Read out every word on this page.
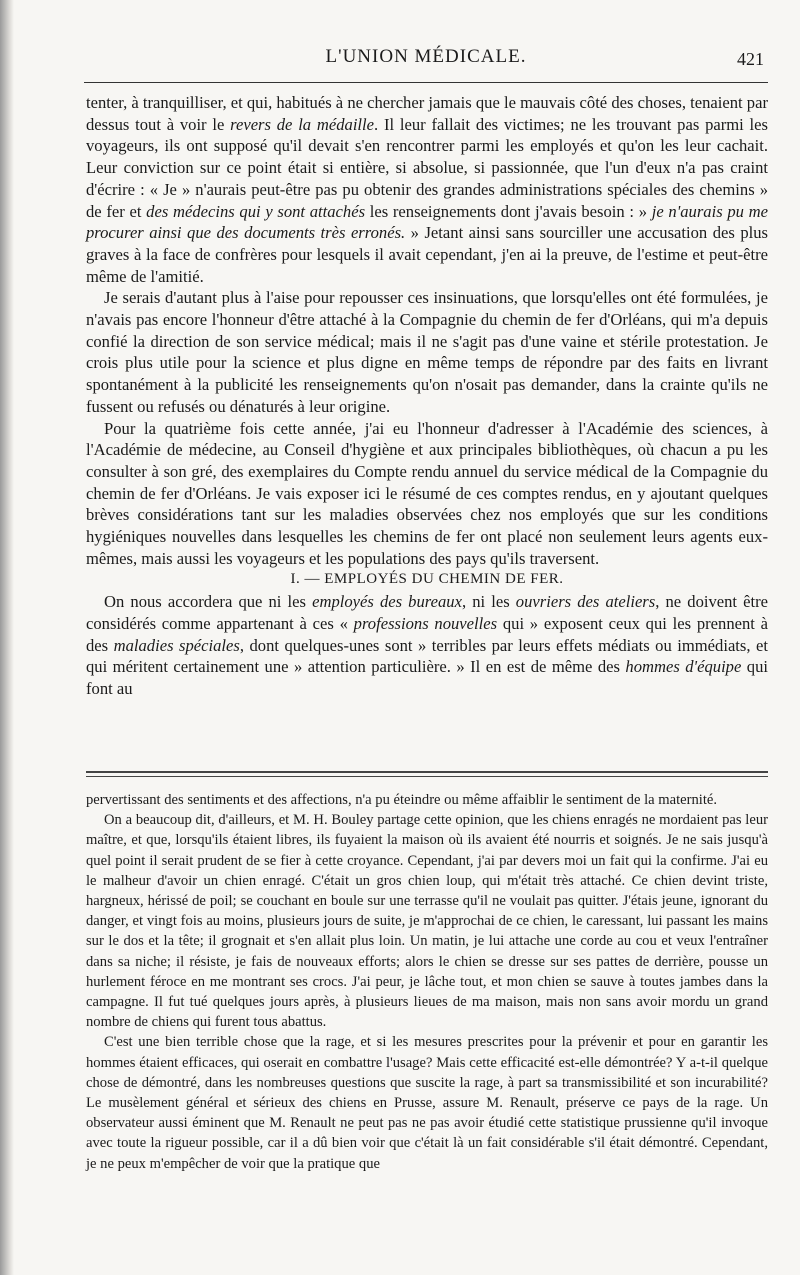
L'UNION MÉDICALE.	421

tenter, à tranquilliser, et qui, habitués à ne chercher jamais que le mauvais côté des choses, tenaient par dessus tout à voir le revers de la médaille. Il leur fallait des victimes; ne les trouvant pas parmi les voyageurs, ils ont supposé qu'il devait s'en rencontrer parmi les employés et qu'on les leur cachait. Leur conviction sur ce point était si entière, si absolue, si passionnée, que l'un d'eux n'a pas craint d'écrire : « Je » n'aurais peut-être pas pu obtenir des grandes administrations spéciales des chemins » de fer et des médecins qui y sont attachés les renseignements dont j'avais besoin : » je n'aurais pu me procurer ainsi que des documents très erronés. » Jetant ainsi sans sourciller une accusation des plus graves à la face de confrères pour lesquels il avait cependant, j'en ai la preuve, de l'estime et peut-être même de l'amitié.

Je serais d'autant plus à l'aise pour repousser ces insinuations, que lorsqu'elles ont été formulées, je n'avais pas encore l'honneur d'être attaché à la Compagnie du chemin de fer d'Orléans, qui m'a depuis confié la direction de son service médical; mais il ne s'agit pas d'une vaine et stérile protestation. Je crois plus utile pour la science et plus digne en même temps de répondre par des faits en livrant spontanément à la publicité les renseignements qu'on n'osait pas demander, dans la crainte qu'ils ne fussent ou refusés ou dénaturés à leur origine.

Pour la quatrième fois cette année, j'ai eu l'honneur d'adresser à l'Académie des sciences, à l'Académie de médecine, au Conseil d'hygiène et aux principales bibliothèques, où chacun a pu les consulter à son gré, des exemplaires du Compte rendu annuel du service médical de la Compagnie du chemin de fer d'Orléans. Je vais exposer ici le résumé de ces comptes rendus, en y ajoutant quelques brèves considérations tant sur les maladies observées chez nos employés que sur les conditions hygiéniques nouvelles dans lesquelles les chemins de fer ont placé non seulement leurs agents eux-mêmes, mais aussi les voyageurs et les populations des pays qu'ils traversent.

I. — EMPLOYÉS DU CHEMIN DE FER.

On nous accordera que ni les employés des bureaux, ni les ouvriers des ateliers, ne doivent être considérés comme appartenant à ces « professions nouvelles qui » exposent ceux qui les prennent à des maladies spéciales, dont quelques-unes sont » terribles par leurs effets médiats ou immédiats, et qui méritent certainement une » attention particulière. » Il en est de même des hommes d'équipe qui font au

pervertissant des sentiments et des affections, n'a pu éteindre ou même affaiblir le sentiment de la maternité.

On a beaucoup dit, d'ailleurs, et M. H. Bouley partage cette opinion, que les chiens enragés ne mordaient pas leur maître, et que, lorsqu'ils étaient libres, ils fuyaient la maison où ils avaient été nourris et soignés. Je ne sais jusqu'à quel point il serait prudent de se fier à cette croyance. Cependant, j'ai par devers moi un fait qui la confirme. J'ai eu le malheur d'avoir un chien enragé. C'était un gros chien loup, qui m'était très attaché. Ce chien devint triste, hargneux, hérissé de poil; se couchant en boule sur une terrasse qu'il ne voulait pas quitter. J'étais jeune, ignorant du danger, et vingt fois au moins, plusieurs jours de suite, je m'approchai de ce chien, le caressant, lui passant les mains sur le dos et la tête; il grognait et s'en allait plus loin. Un matin, je lui attache une corde au cou et veux l'entraîner dans sa niche; il résiste, je fais de nouveaux efforts; alors le chien se dresse sur ses pattes de derrière, pousse un hurlement féroce en me montrant ses crocs. J'ai peur, je lâche tout, et mon chien se sauve à toutes jambes dans la campagne. Il fut tué quelques jours après, à plusieurs lieues de ma maison, mais non sans avoir mordu un grand nombre de chiens qui furent tous abattus.

C'est une bien terrible chose que la rage, et si les mesures prescrites pour la prévenir et pour en garantir les hommes étaient efficaces, qui oserait en combattre l'usage? Mais cette efficacité est-elle démontrée? Y a-t-il quelque chose de démontré, dans les nombreuses questions que suscite la rage, à part sa transmissibilité et son incurabilité? Le musèlement général et sérieux des chiens en Prusse, assure M. Renault, préserve ce pays de la rage. Un observateur aussi éminent que M. Renault ne peut pas ne pas avoir étudié cette statistique prussienne qu'il invoque avec toute la rigueur possible, car il a dû bien voir que c'était là un fait considérable s'il était démontré. Cependant, je ne peux m'empêcher de voir que la pratique que
